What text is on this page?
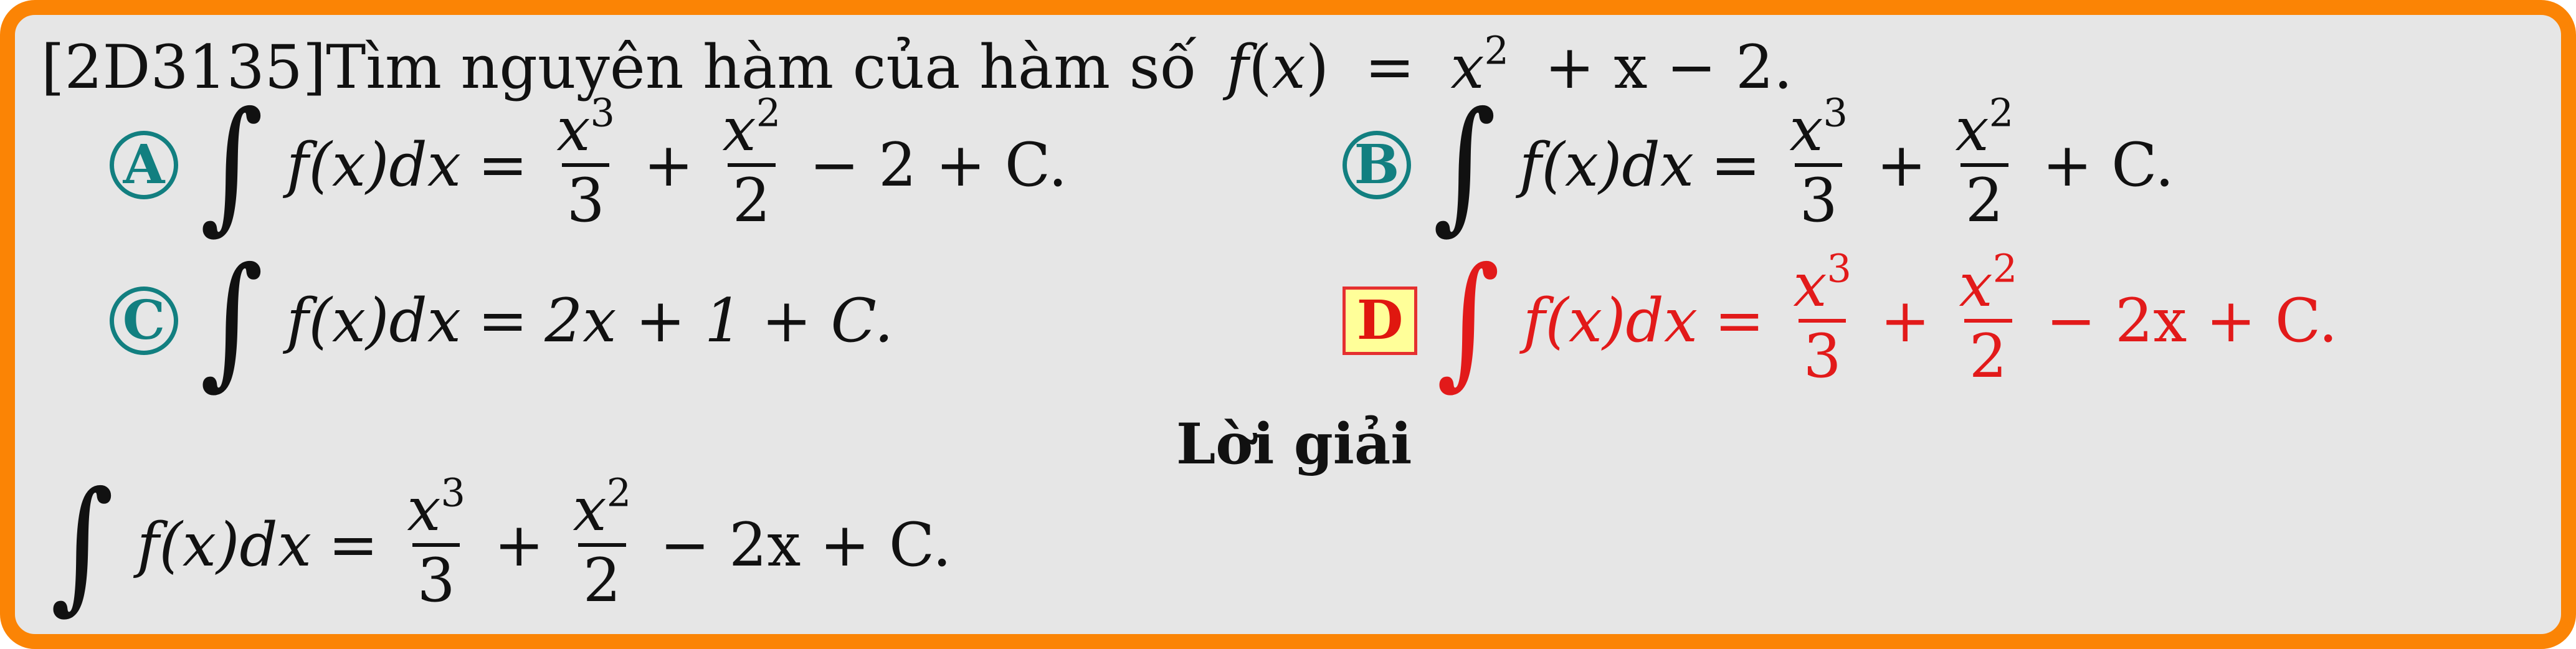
[2D3135] Tìm nguyên hàm của hàm số $f(x) = x^2 + x - 2$.
A ∫ $f(x)dx = \frac{x^3}{3} + \frac{x^2}{2} - 2 + C$.	B ∫ $f(x)dx = \frac{x^3}{3} + \frac{x^2}{2} + C$.
C ∫ f(x)dx = 2x + 1 + C.	D ∫ $f(x)dx = \frac{x^3}{3} + \frac{x^2}{2} - 2x + C$.
Lời giải
∫ $f(x)dx = \frac{x^3}{3} + \frac{x^2}{2} - 2x + C$.
